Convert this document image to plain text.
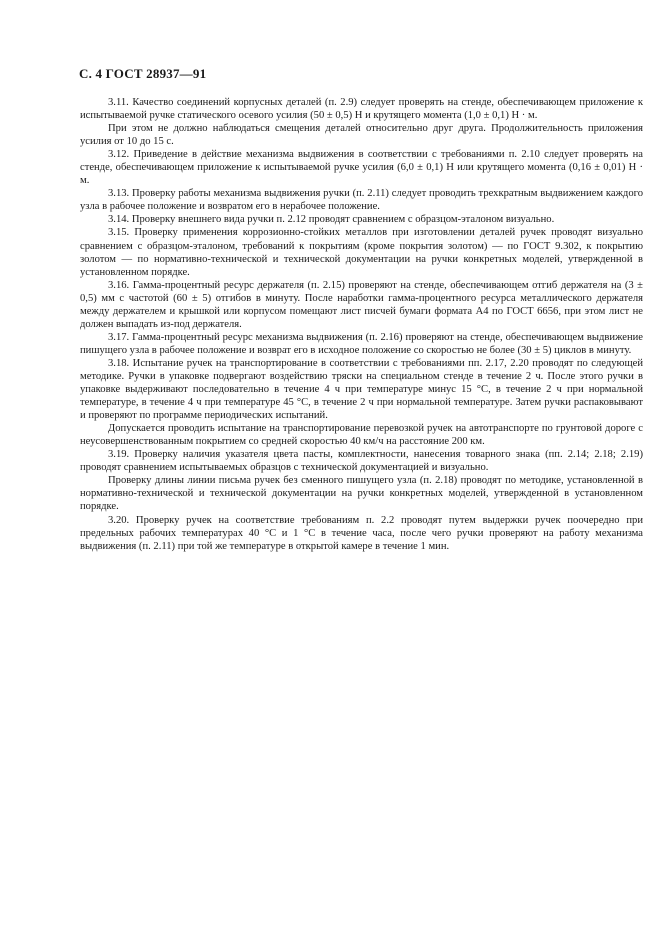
С. 4 ГОСТ 28937—91

3.11. Качество соединений корпусных деталей (п. 2.9) следует проверять на стенде, обеспечивающем приложение к испытываемой ручке статического осевого усилия (50 ± 0,5) Н и крутящего момента (1,0 ± 0,1) Н · м.

При этом не должно наблюдаться смещения деталей относительно друг друга. Продолжительность приложения усилия от 10 до 15 с.

3.12. Приведение в действие механизма выдвижения в соответствии с требованиями п. 2.10 следует проверять на стенде, обеспечивающем приложение к испытываемой ручке усилия (6,0 ± 0,1) Н или крутящего момента (0,16 ± 0,01) Н · м.

3.13. Проверку работы механизма выдвижения ручки (п. 2.11) следует проводить трехкратным выдвижением каждого узла в рабочее положение и возвратом его в нерабочее положение.

3.14. Проверку внешнего вида ручки п. 2.12 проводят сравнением с образцом-эталоном визуально.

3.15. Проверку применения коррозионно-стойких металлов при изготовлении деталей ручек проводят визуально сравнением с образцом-эталоном, требований к покрытиям (кроме покрытия золотом) — по ГОСТ 9.302, к покрытию золотом — по нормативно-технической и технической документации на ручки конкретных моделей, утвержденной в установленном порядке.

3.16. Гамма-процентный ресурс держателя (п. 2.15) проверяют на стенде, обеспечивающем отгиб держателя на (3 ± 0,5) мм с частотой (60 ± 5) отгибов в минуту. После наработки гамма-процентного ресурса металлического держателя между держателем и крышкой или корпусом помещают лист писчей бумаги формата А4 по ГОСТ 6656, при этом лист не должен выпадать из-под держателя.

3.17. Гамма-процентный ресурс механизма выдвижения (п. 2.16) проверяют на стенде, обеспечивающем выдвижение пишущего узла в рабочее положение и возврат его в исходное положение со скоростью не более (30 ± 5) циклов в минуту.

3.18. Испытание ручек на транспортирование в соответствии с требованиями пп. 2.17, 2.20 проводят по следующей методике. Ручки в упаковке подвергают воздействию тряски на специальном стенде в течение 2 ч. После этого ручки в упаковке выдерживают последовательно в течение 4 ч при температуре минус 15 °С, в течение 2 ч при нормальной температуре, в течение 4 ч при температуре 45 °С, в течение 2 ч при нормальной температуре. Затем ручки распаковывают и проверяют по программе периодических испытаний.

Допускается проводить испытание на транспортирование перевозкой ручек на автотранспорте по грунтовой дороге с неусовершенствованным покрытием со средней скоростью 40 км/ч на расстояние 200 км.

3.19. Проверку наличия указателя цвета пасты, комплектности, нанесения товарного знака (пп. 2.14; 2.18; 2.19) проводят сравнением испытываемых образцов с технической документацией и визуально.

Проверку длины линии письма ручек без сменного пишущего узла (п. 2.18) проводят по методике, установленной в нормативно-технической и технической документации на ручки конкретных моделей, утвержденной в установленном порядке.

3.20. Проверку ручек на соответствие требованиям п. 2.2 проводят путем выдержки ручек поочередно при предельных рабочих температурах 40 °С и 1 °С в течение часа, после чего ручки проверяют на работу механизма выдвижения (п. 2.11) при той же температуре в открытой камере в течение 1 мин.
